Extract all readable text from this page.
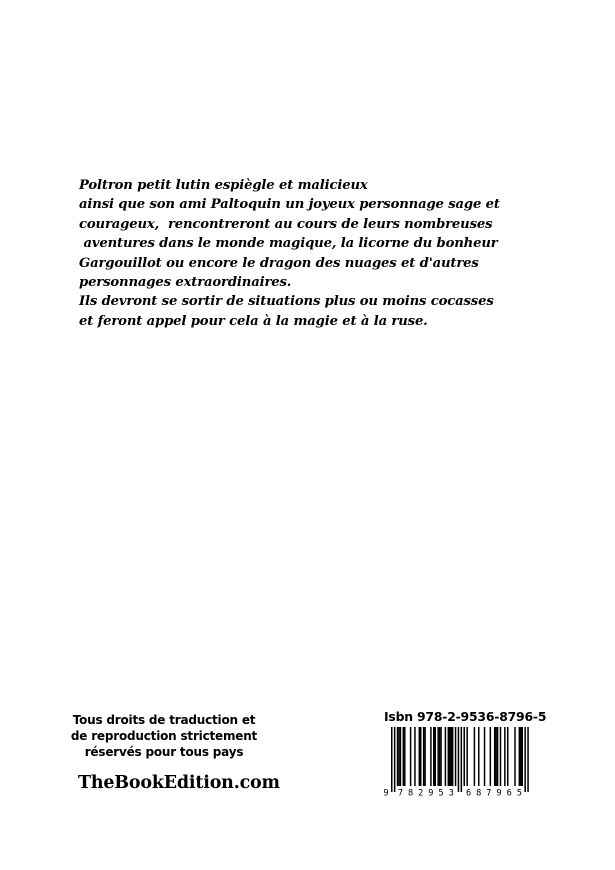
Poltron petit lutin espiègle et malicieux
ainsi que son ami Paltoquin un joyeux personnage sage et
courageux,  rencontreront au cours de leurs nombreuses
aventures dans le monde magique, la licorne du bonheur
Gargouillot ou encore le dragon des nuages et d'autres
personnages extraordinaires.
Ils devront se sortir de situations plus ou moins cocasses
et feront appel pour cela à la magie et à la ruse.
Tous droits de traduction et
de reproduction strictement
réservés pour tous pays
TheBookEdition.com
Isbn 978-2-9536-8796-5
9 7 8 2 9 5 3 6 8 7 9 6 5
